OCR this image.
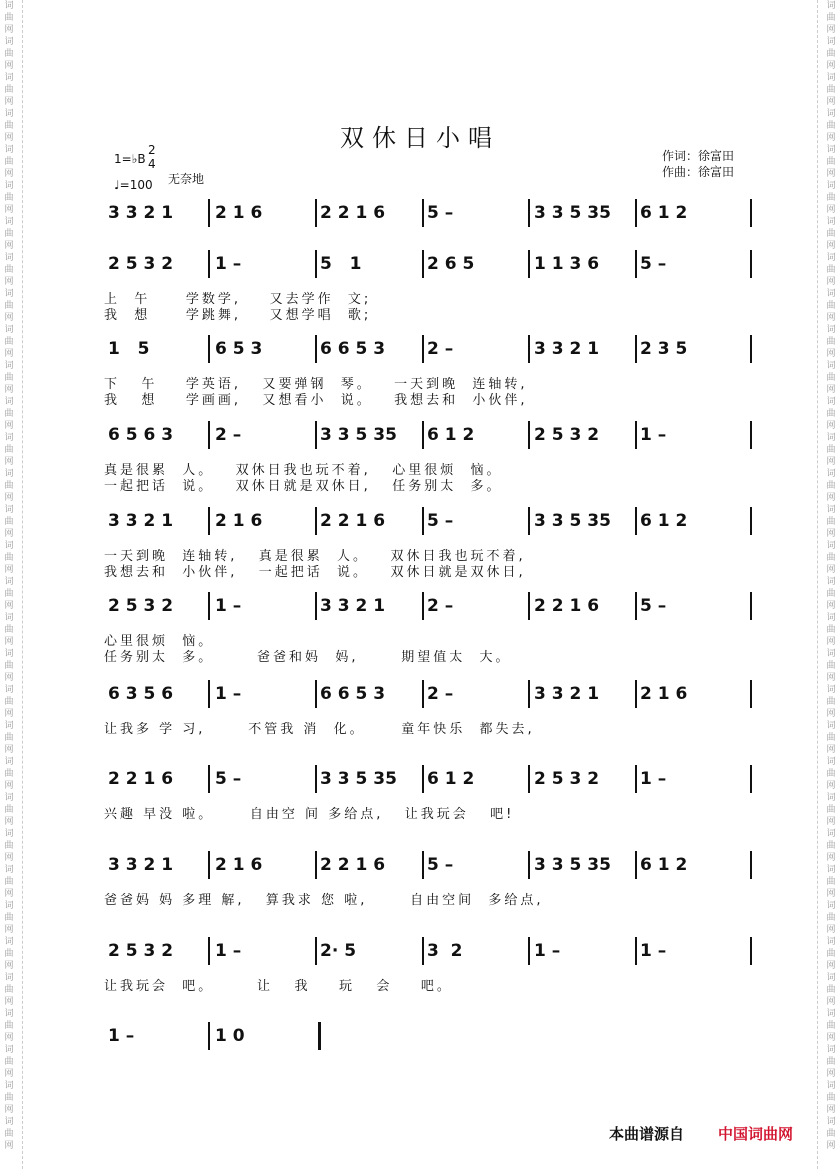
词曲网词曲网词曲网词曲网词曲网词曲网词曲网词曲网词曲网词曲网词曲网词曲网词曲网词曲网词曲网词曲网词曲网词曲网词曲网词曲网词曲网词曲网词曲网词曲网词曲网词曲网词曲网词曲网词曲网词曲网词曲网词曲网
词曲网词曲网词曲网词曲网词曲网词曲网词曲网词曲网词曲网词曲网词曲网词曲网词曲网词曲网词曲网词曲网词曲网词曲网词曲网词曲网词曲网词曲网词曲网词曲网词曲网词曲网词曲网词曲网词曲网词曲网词曲网词曲网
双休日小唱
1=♭B
2
4
♩=100 无奈地
作词：徐富田
作曲：徐富田
3 3 2 1 2 1 6	2 2 1 6 5 –	3 3 5 35 6 1 2
2 5 3 2 1 –	5   1	2 6 5	1 1 3 6 5 –
上  午     学数学,    又去学作  文;
我  想     学跳舞,    又想学唱  歌;
1   5	6 5 3	6 6 5 3 2 –	3 3 2 1 2 3 5
下   午    学英语,   又要弹钢  琴。   一天到晚  连轴转,
我   想    学画画,   又想看小  说。   我想去和  小伙伴,
6 5 6 3 2 –	3 3 5 35 6 1 2	2 5 3 2 1 –
真是很累  人。   双休日我也玩不着,   心里很烦  恼。
一起把话  说。   双休日就是双休日,   任务别太  多。
3 3 2 1 2 1 6	2 2 1 6 5 –	3 3 5 35 6 1 2
一天到晚  连轴转,   真是很累  人。   双休日我也玩不着,
我想去和  小伙伴,   一起把话  说。   双休日就是双休日,
2 5 3 2 1 –	3 3 2 1 2 –	2 2 1 6 5 –
心里很烦  恼。
任务别太  多。      爸爸和妈  妈,      期望值太  大。
6 3 5 6 1 –	6 6 5 3 2 –	3 3 2 1 2 1 6
让我多 学 习,      不管我 消  化。     童年快乐  都失去,
2 2 1 6 5 –	3 3 5 35 6 1 2	2 5 3 2 1 –
兴趣 早没 啦。     自由空 间 多给点,   让我玩会   吧!
3 3 2 1 2 1 6	2 2 1 6 5 –	3 3 5 35 6 1 2
爸爸妈 妈 多理 解,   算我求 您 啦,      自由空间  多给点,
2 5 3 2 1 –	2· 5	3  2	1 –	1 –
让我玩会  吧。      让   我    玩   会    吧。
1 –	1 0
本曲谱源自 中国词曲网
